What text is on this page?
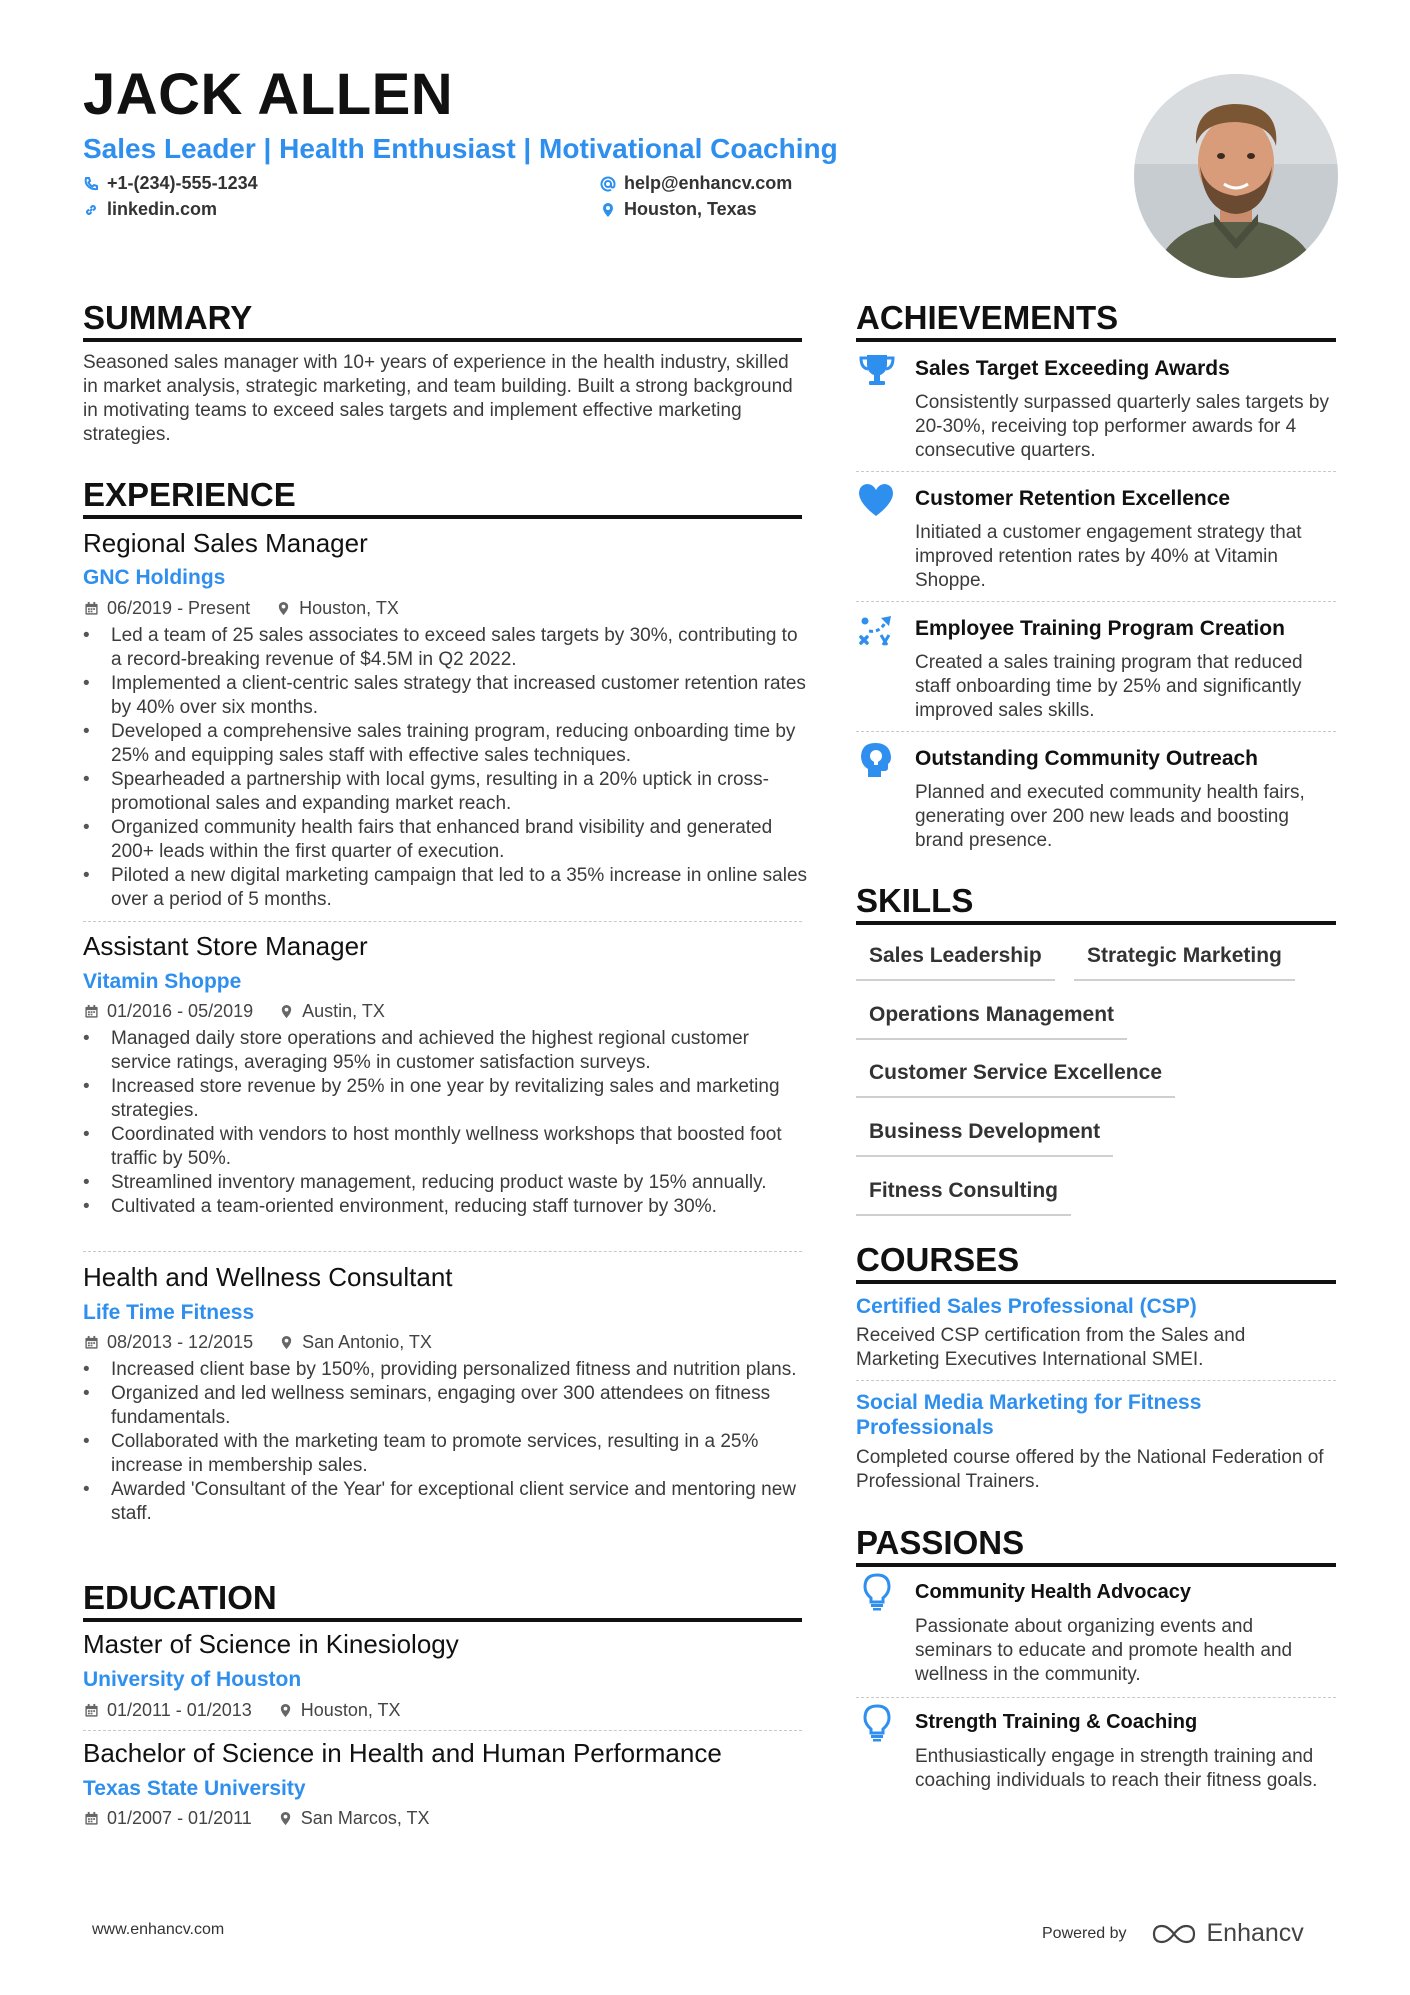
JACK ALLEN
Sales Leader | Health Enthusiast | Motivational Coaching
+1-(234)-555-1234	help@enhancv.com
linkedin.com	Houston, Texas
SUMMARY
Seasoned sales manager with 10+ years of experience in the health industry, skilled in market analysis, strategic marketing, and team building. Built a strong background in motivating teams to exceed sales targets and implement effective marketing strategies.
EXPERIENCE
Regional Sales Manager
GNC Holdings
06/2019 - Present	Houston, TX
• Led a team of 25 sales associates to exceed sales targets by 30%, contributing to a record-breaking revenue of $4.5M in Q2 2022.
• Implemented a client-centric sales strategy that increased customer retention rates by 40% over six months.
• Developed a comprehensive sales training program, reducing onboarding time by 25% and equipping sales staff with effective sales techniques.
• Spearheaded a partnership with local gyms, resulting in a 20% uptick in cross-promotional sales and expanding market reach.
• Organized community health fairs that enhanced brand visibility and generated 200+ leads within the first quarter of execution.
• Piloted a new digital marketing campaign that led to a 35% increase in online sales over a period of 5 months.
Assistant Store Manager
Vitamin Shoppe
01/2016 - 05/2019	Austin, TX
• Managed daily store operations and achieved the highest regional customer service ratings, averaging 95% in customer satisfaction surveys.
• Increased store revenue by 25% in one year by revitalizing sales and marketing strategies.
• Coordinated with vendors to host monthly wellness workshops that boosted foot traffic by 50%.
• Streamlined inventory management, reducing product waste by 15% annually.
• Cultivated a team-oriented environment, reducing staff turnover by 30%.
Health and Wellness Consultant
Life Time Fitness
08/2013 - 12/2015	San Antonio, TX
• Increased client base by 150%, providing personalized fitness and nutrition plans.
• Organized and led wellness seminars, engaging over 300 attendees on fitness fundamentals.
• Collaborated with the marketing team to promote services, resulting in a 25% increase in membership sales.
• Awarded 'Consultant of the Year' for exceptional client service and mentoring new staff.
EDUCATION
Master of Science in Kinesiology
University of Houston
01/2011 - 01/2013	Houston, TX
Bachelor of Science in Health and Human Performance
Texas State University
01/2007 - 01/2011	San Marcos, TX
ACHIEVEMENTS
Sales Target Exceeding Awards
Consistently surpassed quarterly sales targets by 20-30%, receiving top performer awards for 4 consecutive quarters.
Customer Retention Excellence
Initiated a customer engagement strategy that improved retention rates by 40% at Vitamin Shoppe.
Employee Training Program Creation
Created a sales training program that reduced staff onboarding time by 25% and significantly improved sales skills.
Outstanding Community Outreach
Planned and executed community health fairs, generating over 200 new leads and boosting brand presence.
SKILLS
Sales Leadership	Strategic Marketing
Operations Management
Customer Service Excellence
Business Development
Fitness Consulting
COURSES
Certified Sales Professional (CSP)
Received CSP certification from the Sales and Marketing Executives International SMEI.
Social Media Marketing for Fitness Professionals
Completed course offered by the National Federation of Professional Trainers.
PASSIONS
Community Health Advocacy
Passionate about organizing events and seminars to educate and promote health and wellness in the community.
Strength Training & Coaching
Enthusiastically engage in strength training and coaching individuals to reach their fitness goals.
www.enhancv.com	Powered by	Enhancv
